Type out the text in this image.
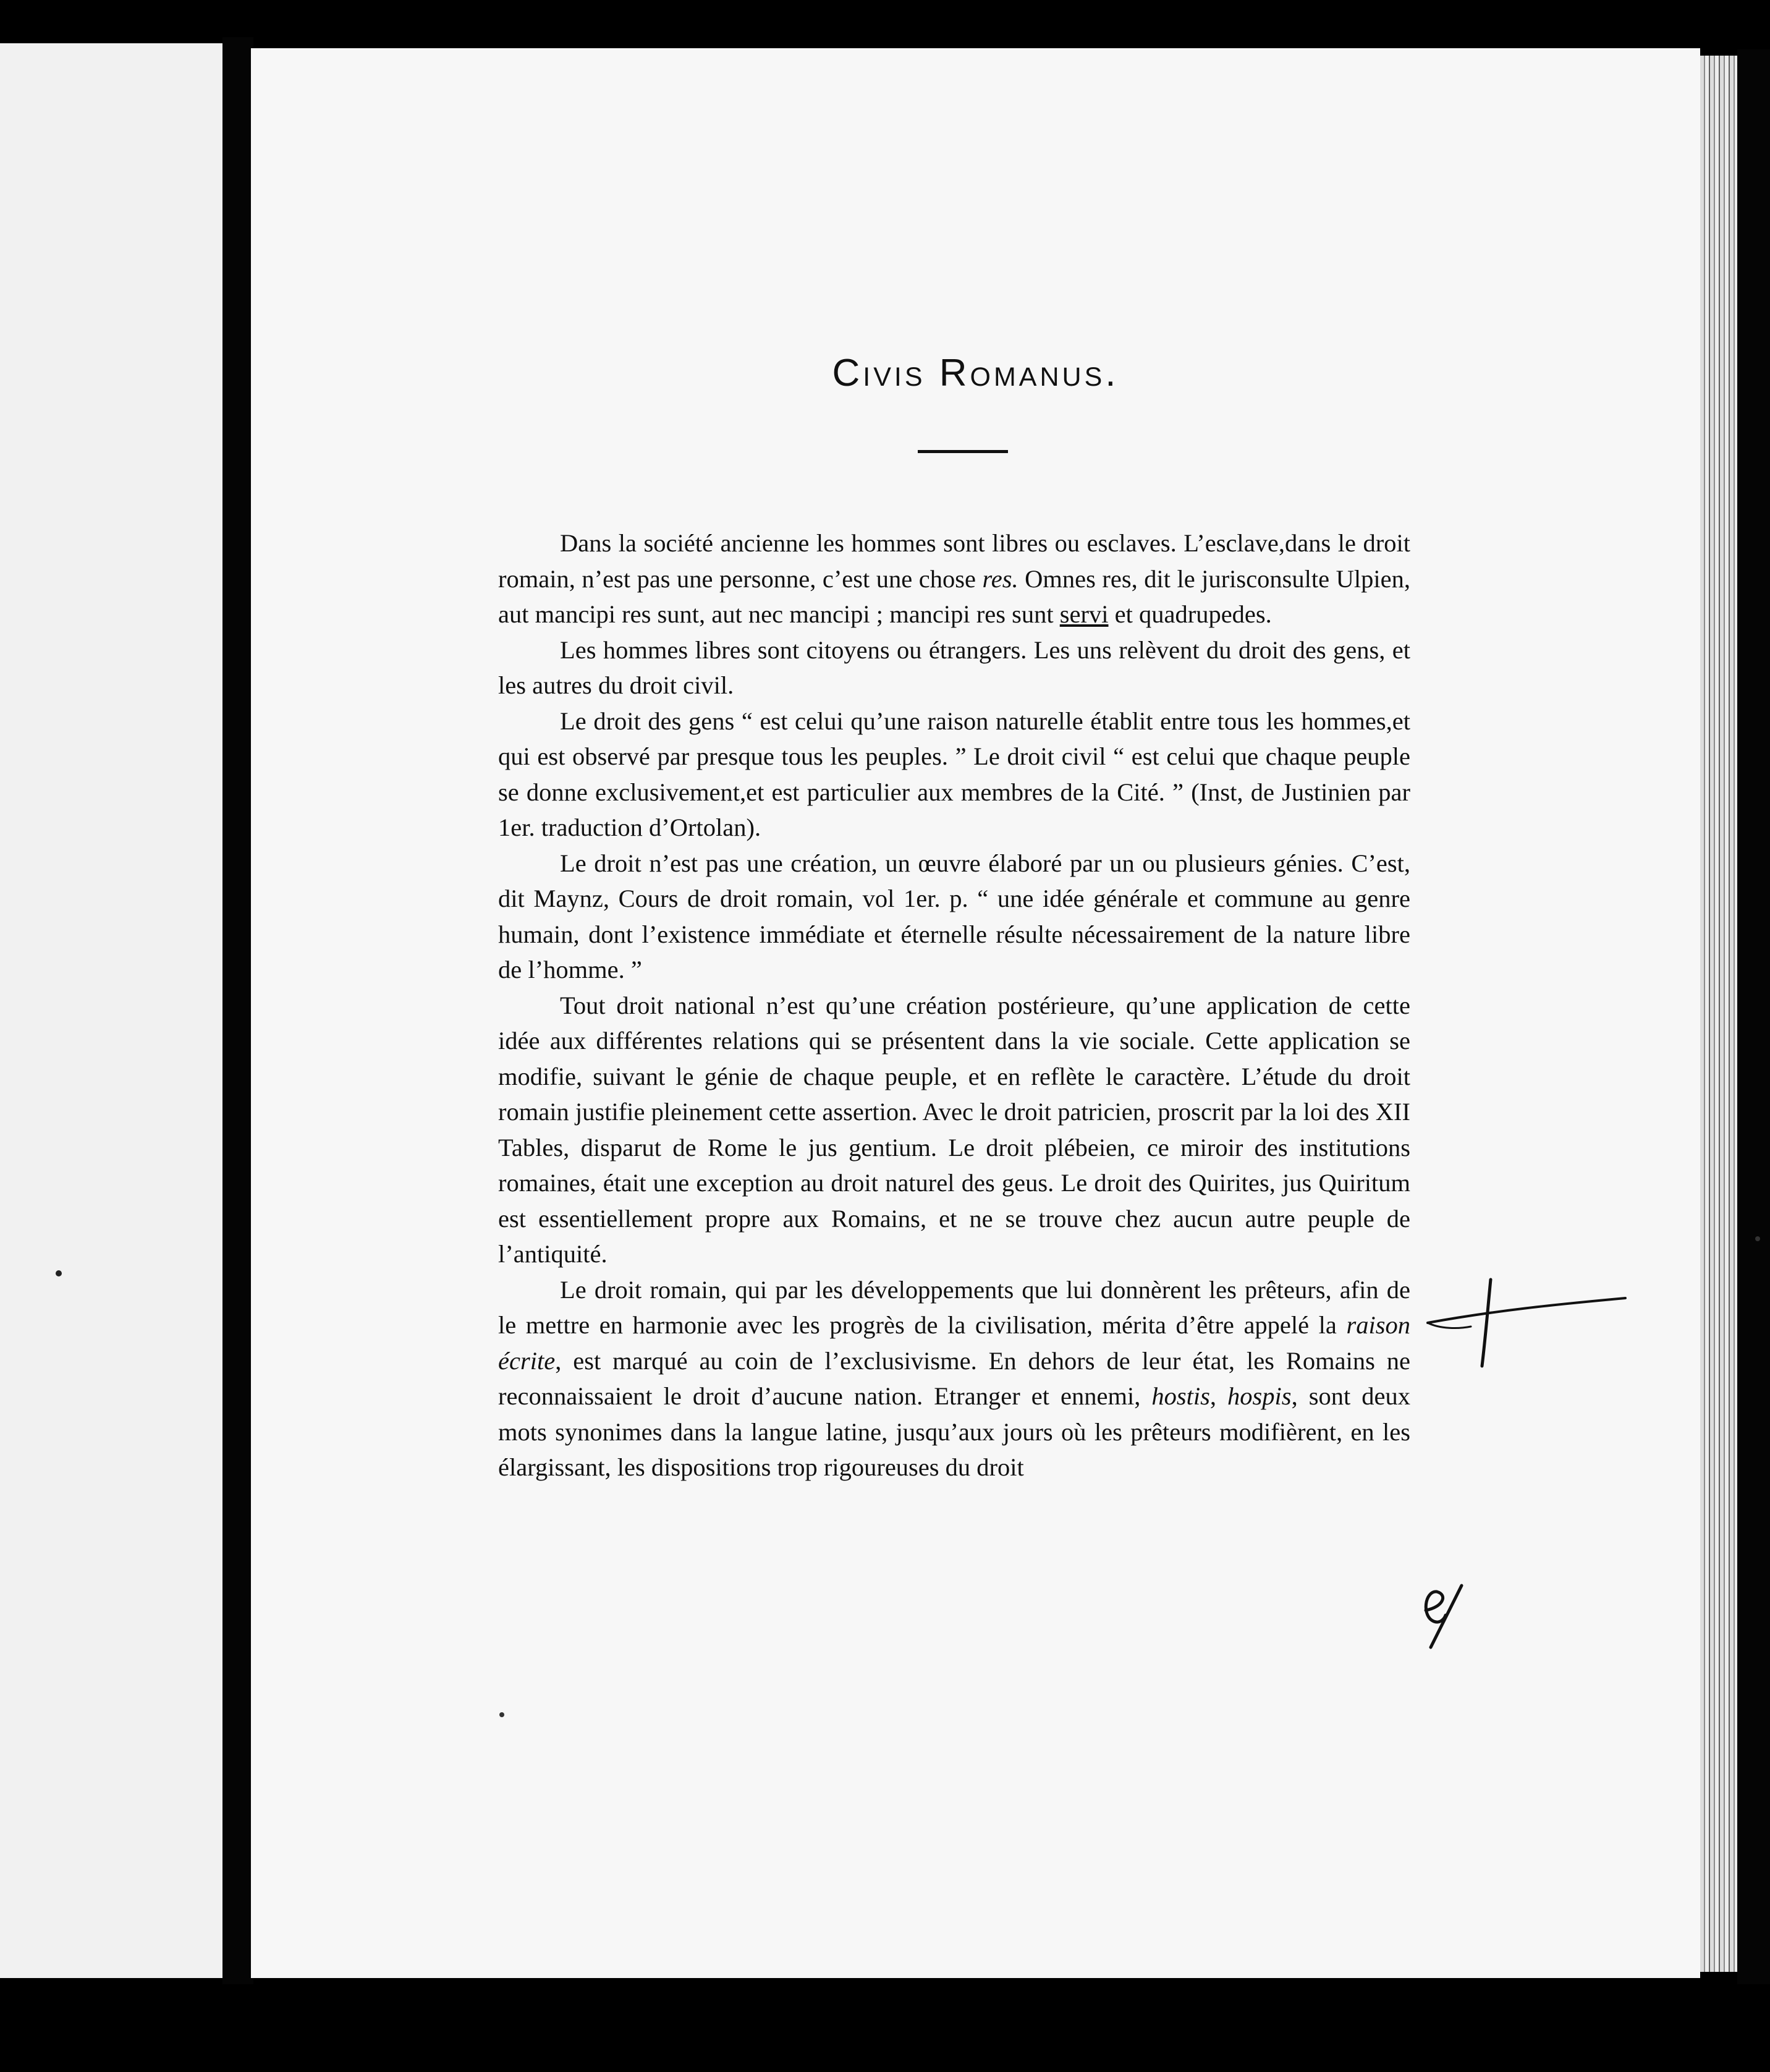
Civis Romanus.

Dans la société ancienne les hommes sont libres ou esclaves. L’esclave,dans le droit romain, n’est pas une personne, c’est une chose res. Omnes res, dit le jurisconsulte Ulpien, aut mancipi res sunt, aut nec mancipi ; mancipi res sunt servi et quadrupedes.

Les hommes libres sont citoyens ou étrangers. Les uns relèvent du droit des gens, et les autres du droit civil.

Le droit des gens “ est celui qu’une raison naturelle établit entre tous les hommes,et qui est observé par presque tous les peuples. ” Le droit civil “ est celui que chaque peuple se donne exclusivement,et est particulier aux membres de la Cité. ” (Inst, de Justinien par 1er. traduction d’Ortolan).

Le droit n’est pas une création, un œuvre élaboré par un ou plusieurs génies. C’est, dit Maynz, Cours de droit romain, vol 1er. p. “ une idée générale et commune au genre humain, dont l’existence immédiate et éternelle résulte nécessairement de la nature libre de l’homme. ”

Tout droit national n’est qu’une création postérieure, qu’une application de cette idée aux différentes relations qui se présentent dans la vie sociale. Cette application se modifie, suivant le génie de chaque peuple, et en reflète le caractère. L’étude du droit romain justifie pleinement cette assertion. Avec le droit patricien, proscrit par la loi des XII Tables, disparut de Rome le jus gentium. Le droit plébeien, ce miroir des institutions romaines, était une exception au droit naturel des geus. Le droit des Quirites, jus Quiritum est essentiellement propre aux Romains, et ne se trouve chez aucun autre peuple de l’antiquité.

Le droit romain, qui par les développements que lui donnèrent les prêteurs, afin de le mettre en harmonie avec les progrès de la civilisation, mérita d’être appelé la raison écrite, est marqué au coin de l’exclusivisme. En dehors de leur état, les Romains ne reconnaissaient le droit d’aucune nation. Etranger et ennemi, hostis, hospis, sont deux mots synonimes dans la langue latine, jusqu’aux jours où les prêteurs modifièrent, en les élargissant, les dispositions trop rigoureuses du droit
